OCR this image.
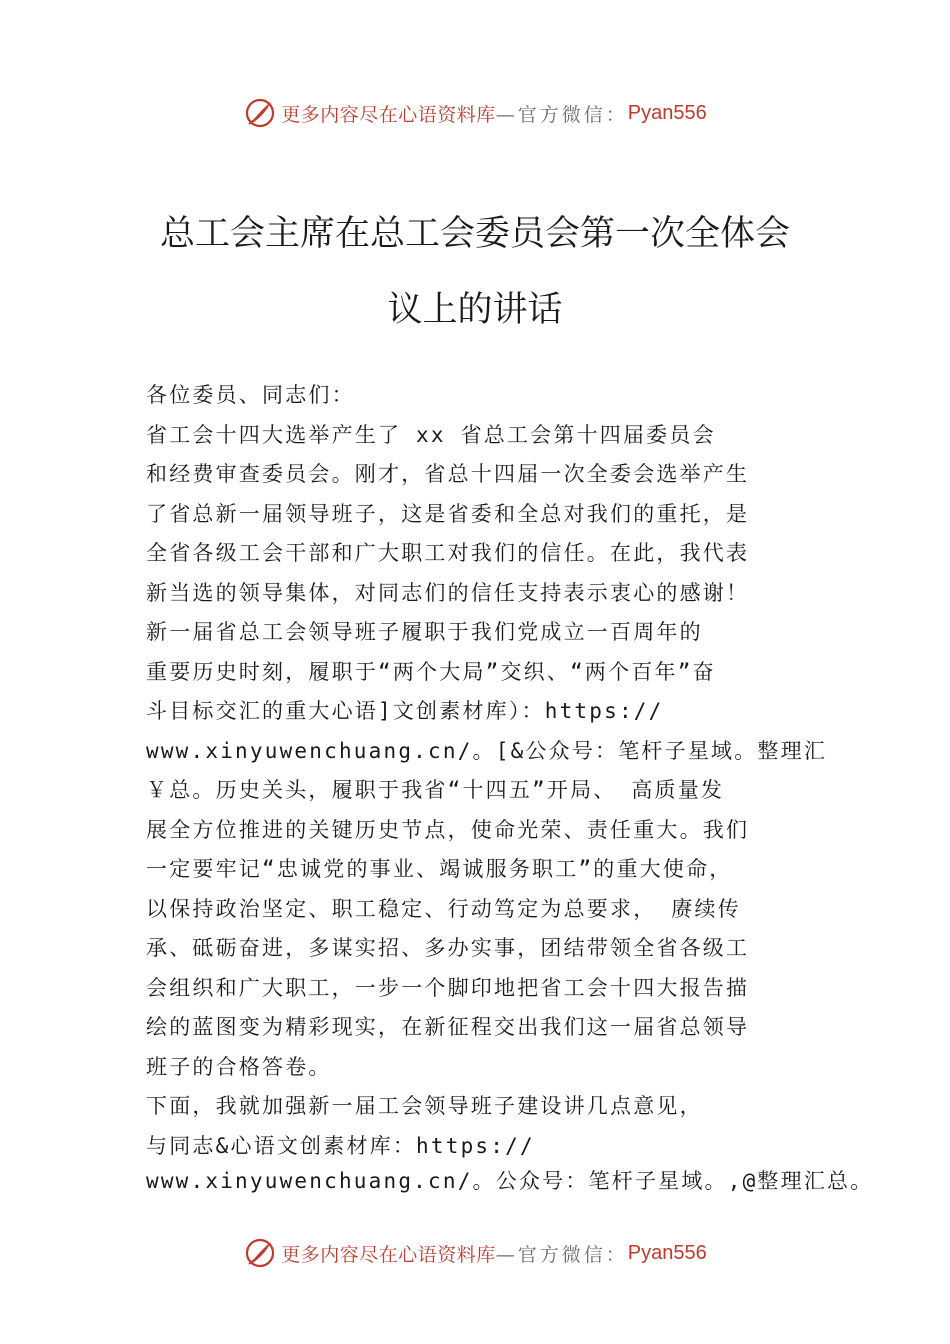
更多内容尽在心语资料库 —官方微信： Pyan556
总工会主席在总工会委员会第一次全体会
议上的讲话
各位委员、同志们：
省工会十四大选举产生了 xx 省总工会第十四届委员会
和经费审查委员会。刚才，省总十四届一次全委会选举产生
了省总新一届领导班子，这是省委和全总对我们的重托，是
全省各级工会干部和广大职工对我们的信任。在此，我代表
新当选的领导集体，对同志们的信任支持表示衷心的感谢！
新一届省总工会领导班子履职于我们党成立一百周年的
重要历史时刻，履职于“两个大局”交织、“两个百年”奋
斗目标交汇的重大心语]文创素材库）：https://
www.xinyuwenchuang.cn/。[&公众号：笔杆子星域。整理汇
￥总。历史关头，履职于我省“十四五”开局、 高质量发
展全方位推进的关键历史节点，使命光荣、责任重大。我们
一定要牢记“忠诚党的事业、竭诚服务职工”的重大使命，
以保持政治坚定、职工稳定、行动笃定为总要求， 赓续传
承、砥砺奋进，多谋实招、多办实事，团结带领全省各级工
会组织和广大职工，一步一个脚印地把省工会十四大报告描
绘的蓝图变为精彩现实，在新征程交出我们这一届省总领导
班子的合格答卷。
下面，我就加强新一届工会领导班子建设讲几点意见，
与同志&心语文创素材库：https://
www.xinyuwenchuang.cn/。公众号：笔杆子星域。,@整理汇总。
更多内容尽在心语资料库 —官方微信： Pyan556
